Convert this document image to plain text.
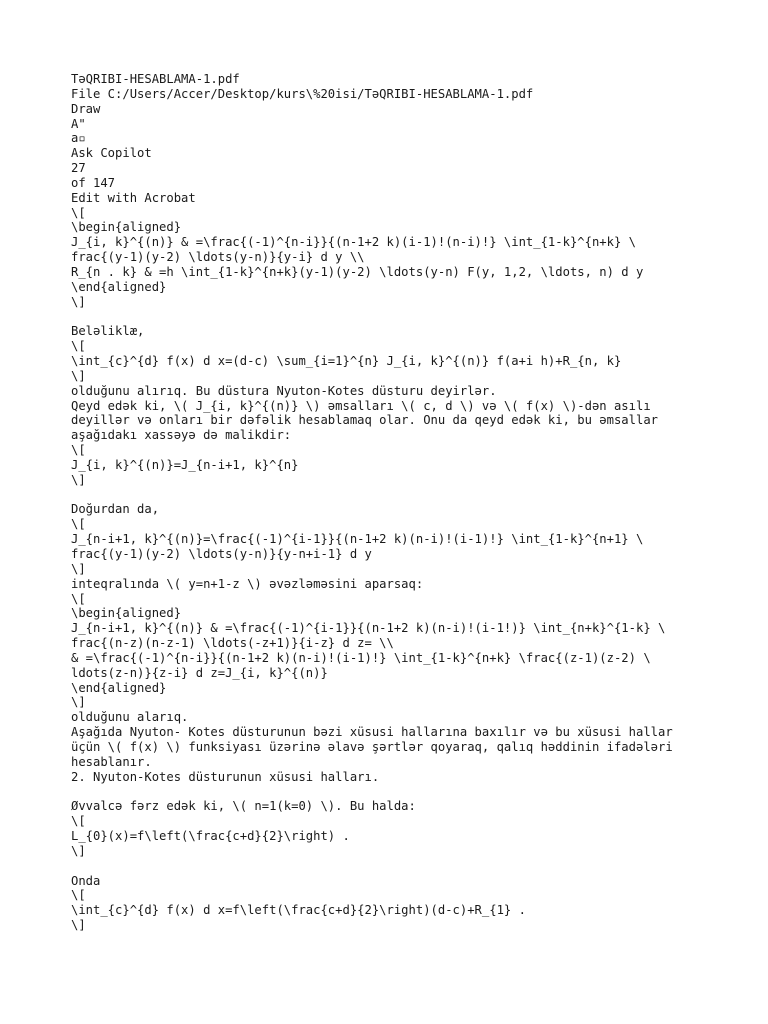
TəQRIBI-HESABLAMA-1.pdf
File C:/Users/Accer/Desktop/kurs\%20isi/TəQRIBI-HESABLAMA-1.pdf
Draw
A"
a▫
Ask Copilot
27
of 147
Edit with Acrobat
\[
\begin{aligned}
J_{i, k}^{(n)} & =\frac{(-1)^{n-i}}{(n-1+2 k)(i-1)!(n-i)!} \int_{1-k}^{n+k} \
frac{(y-1)(y-2) \ldots(y-n)}{y-i} d y \\
R_{n . k} & =h \int_{1-k}^{n+k}(y-1)(y-2) \ldots(y-n) F(y, 1,2, \ldots, n) d y
\end{aligned}
\]
Beləliklæ,
\[
\int_{c}^{d} f(x) d x=(d-c) \sum_{i=1}^{n} J_{i, k}^{(n)} f(a+i h)+R_{n, k}
\]
olduğunu alırıq. Bu düstura Nyuton-Kotes düsturu deyirlər.
Qeyd edək ki, \( J_{i, k}^{(n)} \) əmsalları \( c, d \) və \( f(x) \)-dən asılı
deyillər və onları bir dəfəlik hesablamaq olar. Onu da qeyd edək ki, bu əmsallar
aşağıdakı xassəyə də malikdir:
\[
J_{i, k}^{(n)}=J_{n-i+1, k}^{n}
\]
Doğurdan da,
\[
J_{n-i+1, k}^{(n)}=\frac{(-1)^{i-1}}{(n-1+2 k)(n-i)!(i-1)!} \int_{1-k}^{n+1} \
frac{(y-1)(y-2) \ldots(y-n)}{y-n+i-1} d y
\]
inteqralında \( y=n+1-z \) əvəzləməsini aparsaq:
\[
\begin{aligned}
J_{n-i+1, k}^{(n)} & =\frac{(-1)^{i-1}}{(n-1+2 k)(n-i)!(i-1!)} \int_{n+k}^{1-k} \
frac{(n-z)(n-z-1) \ldots(-z+1)}{i-z} d z= \\
& =\frac{(-1)^{n-i}}{(n-1+2 k)(n-i)!(i-1)!} \int_{1-k}^{n+k} \frac{(z-1)(z-2) \
ldots(z-n)}{z-i} d z=J_{i, k}^{(n)}
\end{aligned}
\]
olduğunu alarıq.
Aşağıda Nyuton- Kotes düsturunun bəzi xüsusi hallarına baxılır və bu xüsusi hallar
üçün \( f(x) \) funksiyası üzərinə əlavə şərtlər qoyaraq, qalıq həddinin ifadələri
hesablanır.
2. Nyuton-Kotes düsturunun xüsusi halları.
Øvvalcə fərz edək ki, \( n=1(k=0) \). Bu halda:
\[
L_{0}(x)=f\left(\frac{c+d}{2}\right) .
\]
Onda
\[
\int_{c}^{d} f(x) d x=f\left(\frac{c+d}{2}\right)(d-c)+R_{1} .
\]
